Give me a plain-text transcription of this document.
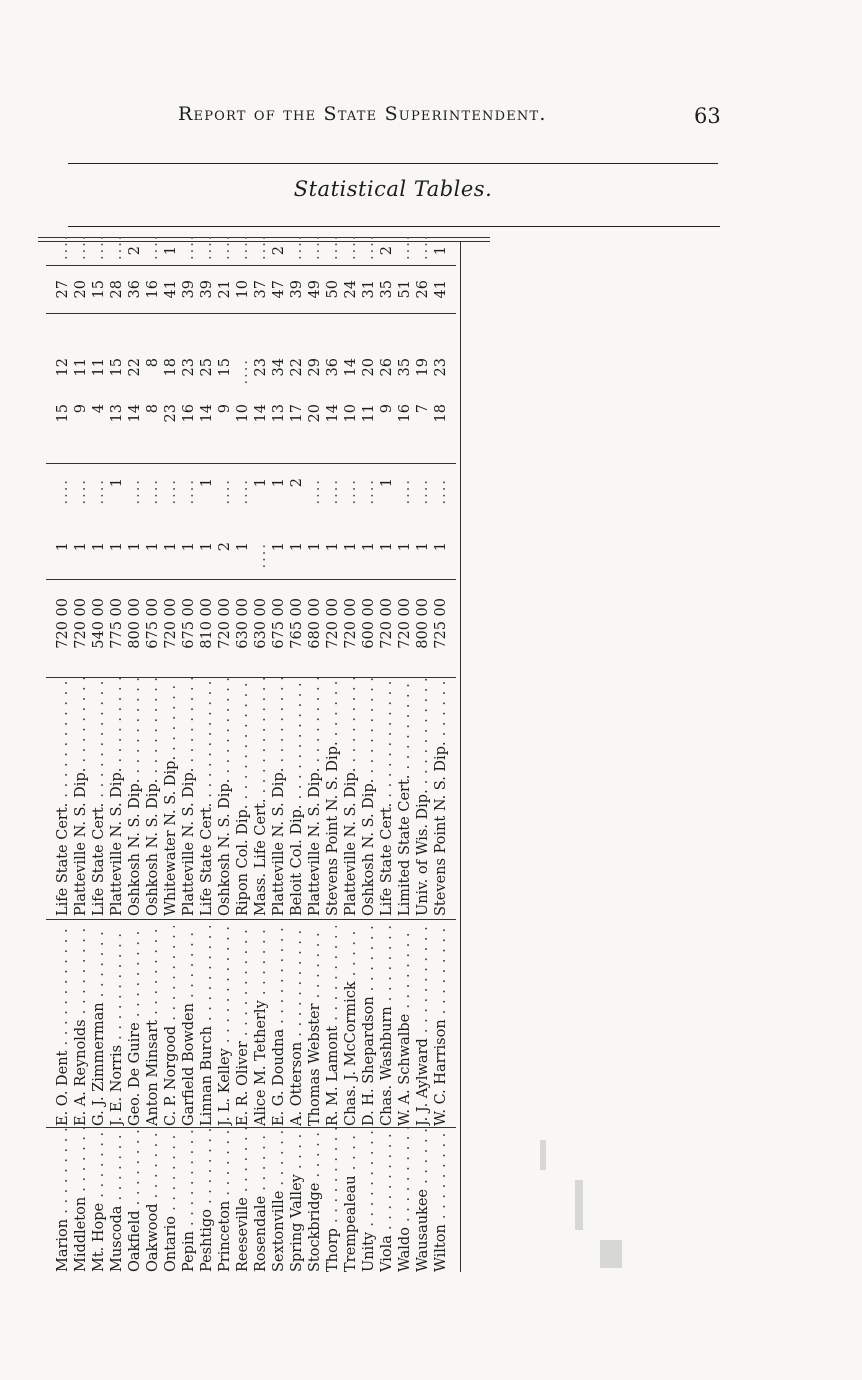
Report of the State Superintendent.	63
Statistical Tables.
Marion . . .
E. O. Dent . . .
Life State Cert. . . .
720 00
1
....
15
12
27
....
Middleton . . .
E. A. Reynolds . . .
Platteville N. S. Dip. . . .
720 00
1
....
9
11
20
....
Mt. Hope . . .
G. J. Zimmerman . . .
Life State Cert. . . .
540 00
1
....
4
11
15
....
Muscoda . . .
J. E. Norris . . .
Platteville N. S. Dip. . . .
775 00
1
1
13
15
28
....
Oakfield . . .
Geo. De Guire . . .
Oshkosh N. S. Dip. . . .
800 00
1
....
14
22
36
2
Oakwood . . .
Anton Minsart . . .
Oshkosh N. S. Dip. . . .
675 00
1
....
8
8
16
....
Ontario . . .
C. P. Norgood . . .
Whitewater N. S. Dip. . . .
720 00
1
....
23
18
41
1
Pepin . . .
Garfield Bowden . . .
Platteville N. S. Dip. . . .
675 00
1
....
16
23
39
....
Peshtigo . . .
Linnan Burch . . .
Life State Cert. . . .
810 00
1
1
14
25
39
....
Princeton . . .
J. L. Kelley . . .
Oshkosh N. S. Dip. . . .
720 00
2
....
9
15
21
....
Reeseville . . .
E. R. Oliver . . .
Ripon Col. Dip. . . .
630 00
1
....
10
....
10
....
Rosendale . . .
Alice M. Tetherly . . .
Mass. Life Cert. . . .
630 00
....
1
14
23
37
....
Sextonville . . .
E. G. Doudna . . .
Platteville N. S. Dip. . . .
675 00
1
1
13
34
47
2
Spring Valley . . .
A. Otterson . . .
Beloit Col. Dip. . . .
765 00
1
2
17
22
39
....
Stockbridge . . .
Thomas Webster . . .
Platteville N. S. Dip. . . .
680 00
1
....
20
29
49
....
Thorp . . .
R. M. Lamont . . .
Stevens Point N. S. Dip. . . .
720 00
1
....
14
36
50
....
Trempealeau . . .
Chas. J. McCormick . . .
Platteville N. S. Dip. . . .
720 00
1
....
10
14
24
....
Unity . . .
D. H. Shepardson . . .
Oshkosh N. S. Dip. . . .
600 00
1
....
11
20
31
....
Viola . . .
Chas. Washburn . . .
Life State Cert. . . .
720 00
1
1
9
26
35
2
Waldo . . .
W. A. Schwalbe . . .
Limited State Cert. . . .
720 00
1
....
16
35
51
....
Wausaukee . . .
J. J. Aylward . . .
Univ. of Wis. Dip. . . .
800 00
1
....
7
19
26
....
Wilton . . .
W. C. Harrison . . .
Stevens Point N. S. Dip. . . .
725 00
1
....
18
23
41
1
